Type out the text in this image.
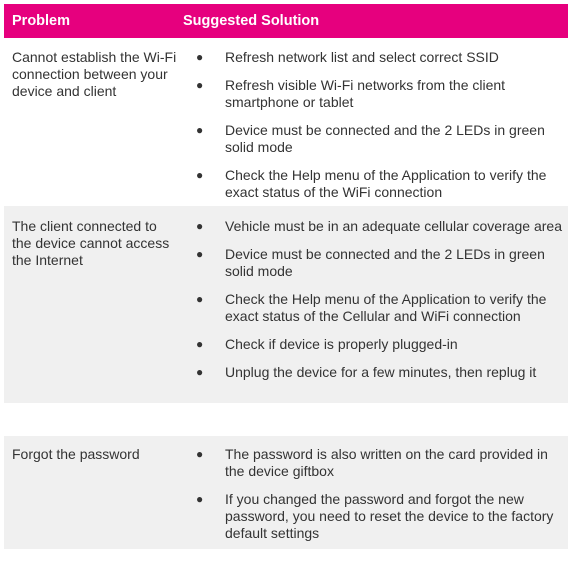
Problem	Suggested Solution
Cannot establish the Wi-Fi connection between your device and client
● Refresh network list and select correct SSID
● Refresh visible Wi-Fi networks from the client smartphone or tablet
● Device must be connected and the 2 LEDs in green solid mode
● Check the Help menu of the Application to verify the exact status of the WiFi connection
The client connected to the device cannot access the Internet
● Vehicle must be in an adequate cellular coverage area
● Device must be connected and the 2 LEDs in green solid mode
● Check the Help menu of the Application to verify the exact status of the Cellular and WiFi connection
● Check if device is properly plugged-in
● Unplug the device for a few minutes, then replug it
Forgot the password	● The password is also written on the card provided in the device giftbox
● If you changed the password and forgot the new password, you need to reset the device to the factory default settings
